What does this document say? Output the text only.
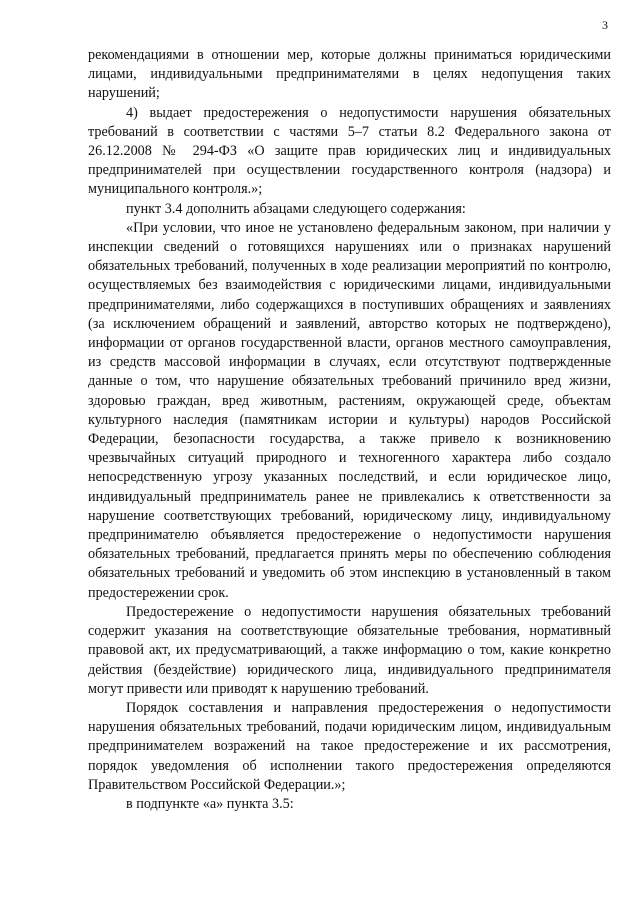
3

рекомендациями в отношении мер, которые должны приниматься юридическими лицами, индивидуальными предпринимателями в целях недопущения таких нарушений;

4) выдает предостережения о недопустимости нарушения обязательных требований в соответствии с частями 5–7 статьи 8.2 Федерального закона от 26.12.2008 № 294-ФЗ «О защите прав юридических лиц и индивидуальных предпринимателей при осуществлении государственного контроля (надзора) и муниципального контроля.»;

пункт 3.4 дополнить абзацами следующего содержания:

«При условии, что иное не установлено федеральным законом, при наличии у инспекции сведений о готовящихся нарушениях или о признаках нарушений обязательных требований, полученных в ходе реализации мероприятий по контролю, осуществляемых без взаимодействия с юридическими лицами, индивидуальными предпринимателями, либо содержащихся в поступивших обращениях и заявлениях (за исключением обращений и заявлений, авторство которых не подтверждено), информации от органов государственной власти, органов местного самоуправления, из средств массовой информации в случаях, если отсутствуют подтвержденные данные о том, что нарушение обязательных требований причинило вред жизни, здоровью граждан, вред животным, растениям, окружающей среде, объектам культурного наследия (памятникам истории и культуры) народов Российской Федерации, безопасности государства, а также привело к возникновению чрезвычайных ситуаций природного и техногенного характера либо создало непосредственную угрозу указанных последствий, и если юридическое лицо, индивидуальный предприниматель ранее не привлекались к ответственности за нарушение соответствующих требований, юридическому лицу, индивидуальному предпринимателю объявляется предостережение о недопустимости нарушения обязательных требований, предлагается принять меры по обеспечению соблюдения обязательных требований и уведомить об этом инспекцию в установленный в таком предостережении срок.

Предостережение о недопустимости нарушения обязательных требований содержит указания на соответствующие обязательные требования, нормативный правовой акт, их предусматривающий, а также информацию о том, какие конкретно действия (бездействие) юридического лица, индивидуального предпринимателя могут привести или приводят к нарушению требований.

Порядок составления и направления предостережения о недопустимости нарушения обязательных требований, подачи юридическим лицом, индивидуальным предпринимателем возражений на такое предостережение и их рассмотрения, порядок уведомления об исполнении такого предостережения определяются Правительством Российской Федерации.»;

в подпункте «а» пункта 3.5:
